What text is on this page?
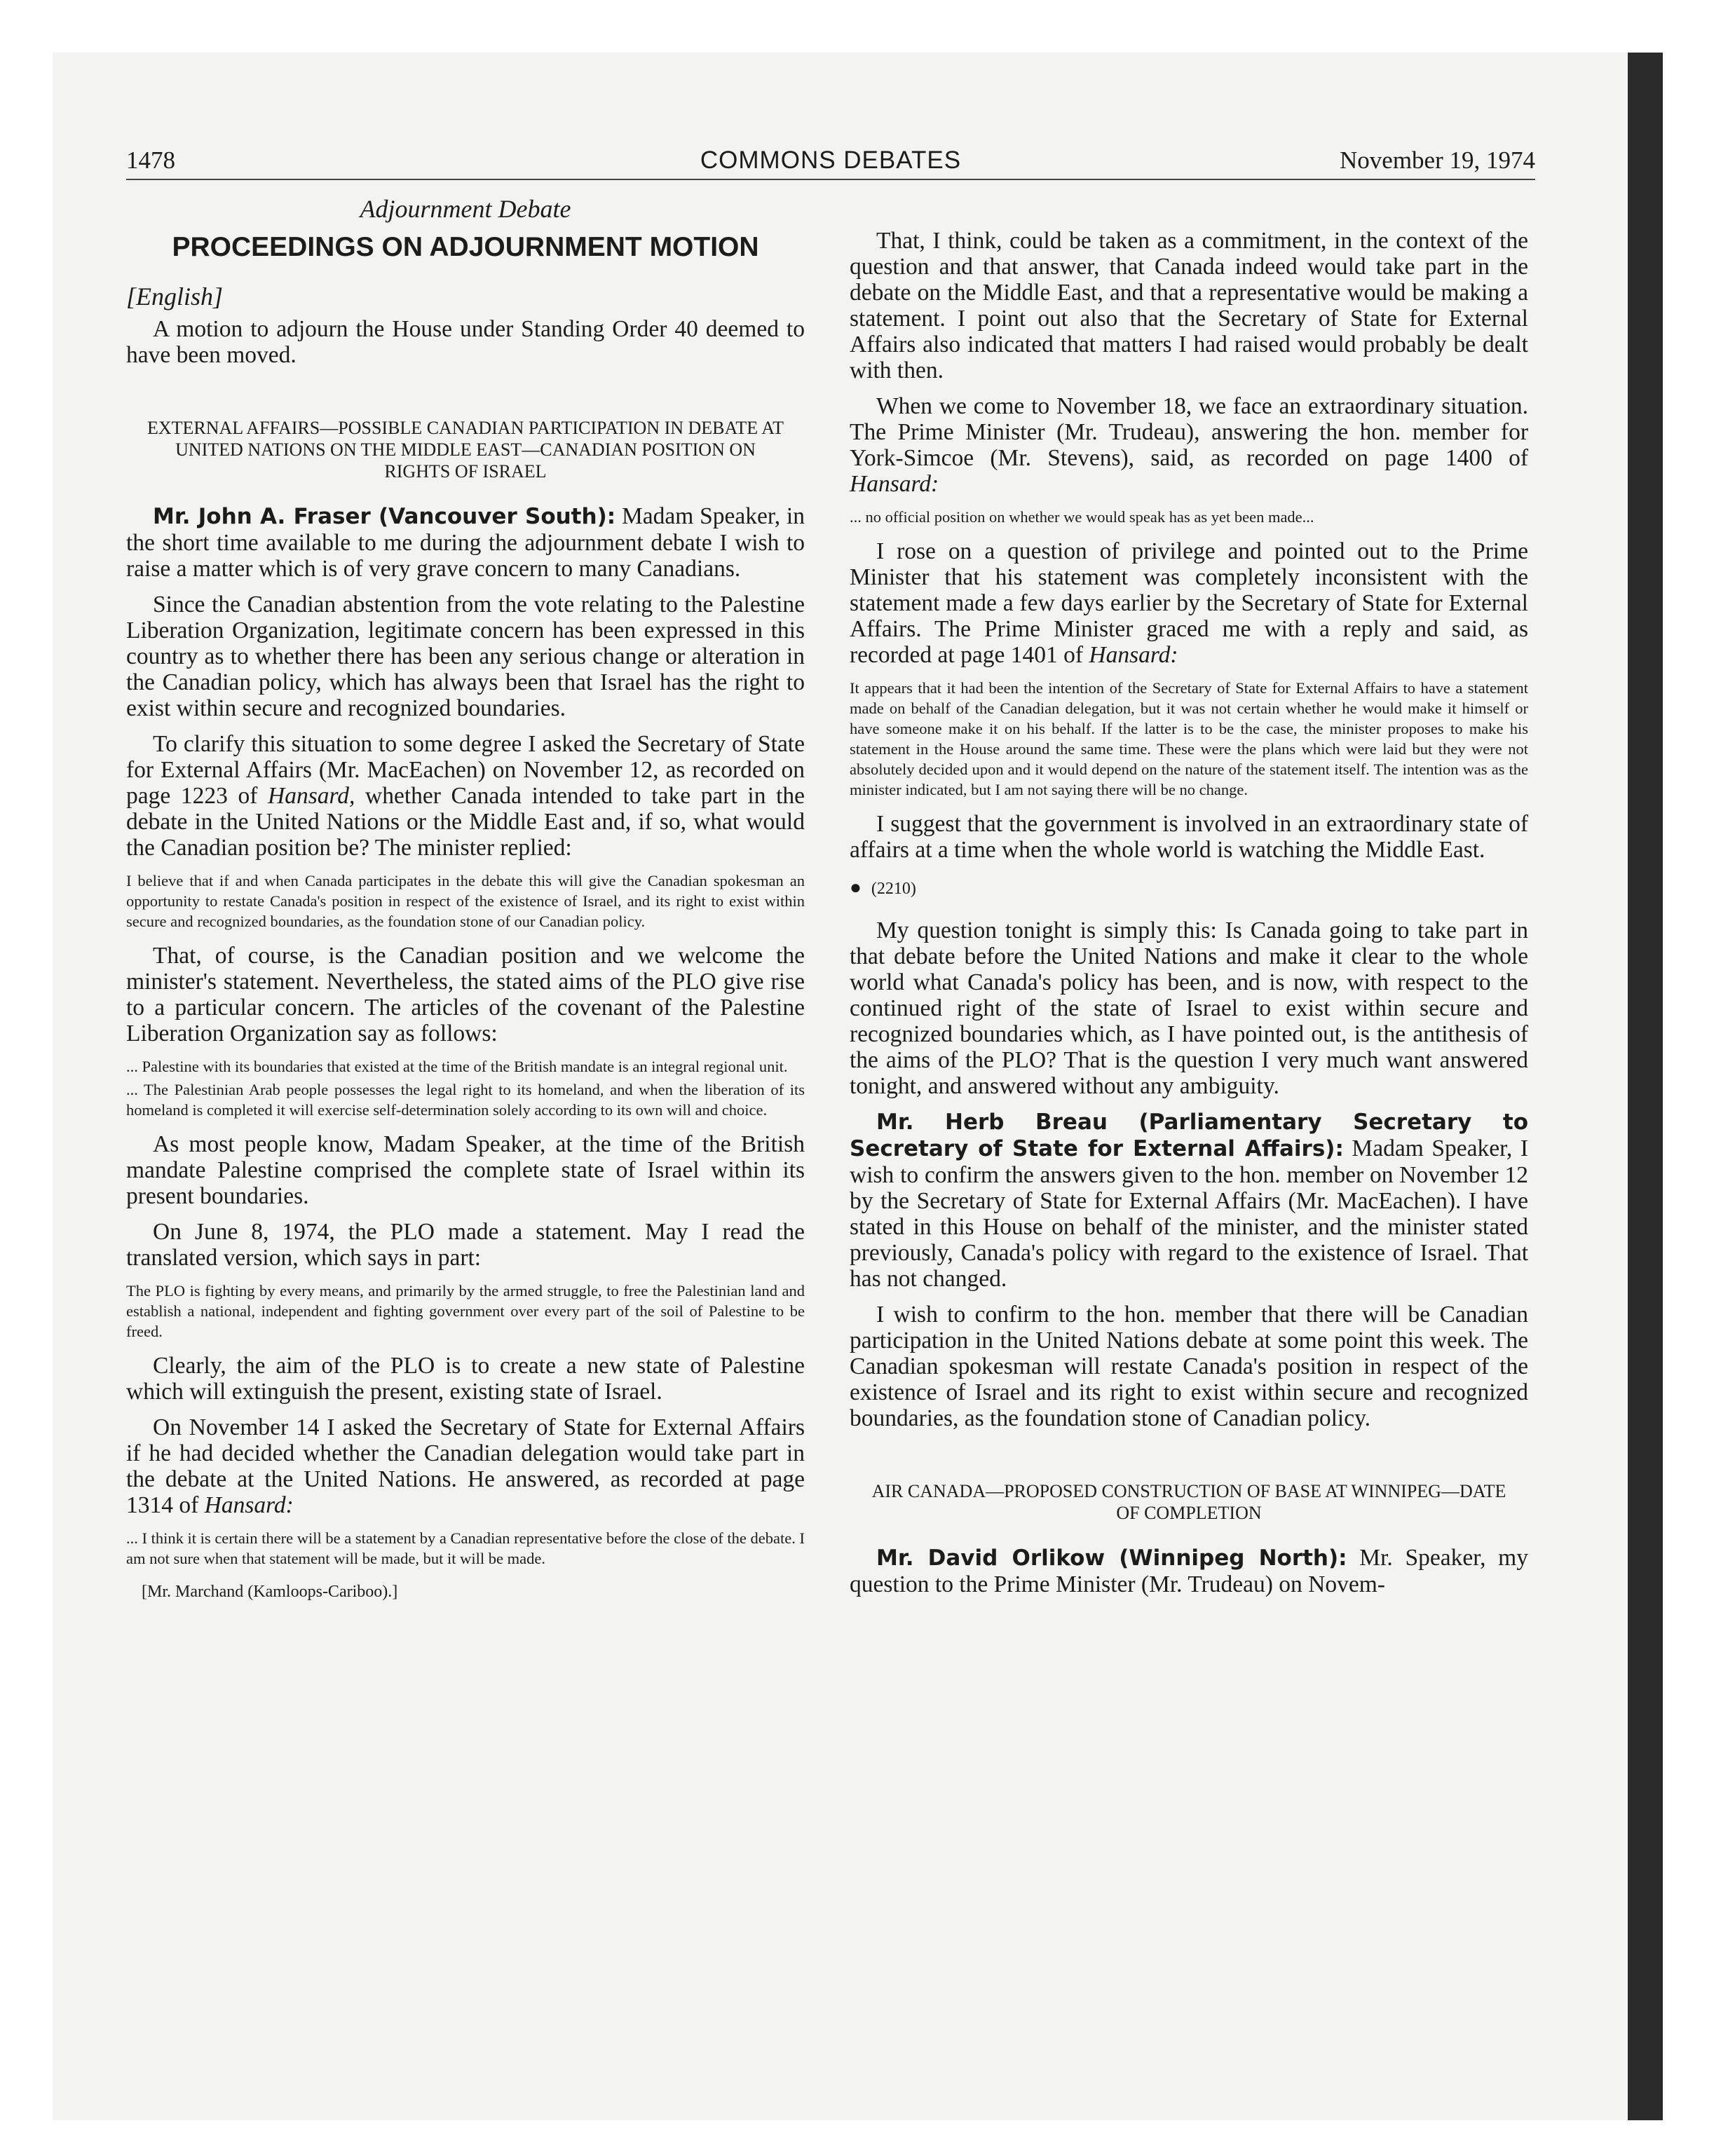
1478	COMMONS DEBATES	November 19, 1974
Adjournment Debate
PROCEEDINGS ON ADJOURNMENT MOTION
[English]

A motion to adjourn the House under Standing Order 40 deemed to have been moved.

EXTERNAL AFFAIRS—POSSIBLE CANADIAN PARTICIPATION IN DEBATE AT UNITED NATIONS ON THE MIDDLE EAST—CANADIAN POSITION ON RIGHTS OF ISRAEL

Mr. John A. Fraser (Vancouver South): Madam Speaker, in the short time available to me during the adjournment debate I wish to raise a matter which is of very grave concern to many Canadians.

Since the Canadian abstention from the vote relating to the Palestine Liberation Organization, legitimate concern has been expressed in this country as to whether there has been any serious change or alteration in the Canadian policy, which has always been that Israel has the right to exist within secure and recognized boundaries.

To clarify this situation to some degree I asked the Secretary of State for External Affairs (Mr. MacEachen) on November 12, as recorded on page 1223 of Hansard, whether Canada intended to take part in the debate in the United Nations or the Middle East and, if so, what would the Canadian position be? The minister replied:

I believe that if and when Canada participates in the debate this will give the Canadian spokesman an opportunity to restate Canada's position in respect of the existence of Israel, and its right to exist within secure and recognized boundaries, as the foundation stone of our Canadian policy.

That, of course, is the Canadian position and we welcome the minister's statement. Nevertheless, the stated aims of the PLO give rise to a particular concern. The articles of the covenant of the Palestine Liberation Organization say as follows:

... Palestine with its boundaries that existed at the time of the British mandate is an integral regional unit.
... The Palestinian Arab people possesses the legal right to its homeland, and when the liberation of its homeland is completed it will exercise self-determination solely according to its own will and choice.

As most people know, Madam Speaker, at the time of the British mandate Palestine comprised the complete state of Israel within its present boundaries.

On June 8, 1974, the PLO made a statement. May I read the translated version, which says in part:

The PLO is fighting by every means, and primarily by the armed struggle, to free the Palestinian land and establish a national, independent and fighting government over every part of the soil of Palestine to be freed.

Clearly, the aim of the PLO is to create a new state of Palestine which will extinguish the present, existing state of Israel.

On November 14 I asked the Secretary of State for External Affairs if he had decided whether the Canadian delegation would take part in the debate at the United Nations. He answered, as recorded at page 1314 of Hansard:

... I think it is certain there will be a statement by a Canadian representative before the close of the debate. I am not sure when that statement will be made, but it will be made.
[Mr. Marchand (Kamloops-Cariboo).]

That, I think, could be taken as a commitment, in the context of the question and that answer, that Canada indeed would take part in the debate on the Middle East, and that a representative would be making a statement. I point out also that the Secretary of State for External Affairs also indicated that matters I had raised would probably be dealt with then.

When we come to November 18, we face an extraordinary situation. The Prime Minister (Mr. Trudeau), answering the hon. member for York-Simcoe (Mr. Stevens), said, as recorded on page 1400 of Hansard:

... no official position on whether we would speak has as yet been made...

I rose on a question of privilege and pointed out to the Prime Minister that his statement was completely inconsistent with the statement made a few days earlier by the Secretary of State for External Affairs. The Prime Minister graced me with a reply and said, as recorded at page 1401 of Hansard:

It appears that it had been the intention of the Secretary of State for External Affairs to have a statement made on behalf of the Canadian delegation, but it was not certain whether he would make it himself or have someone make it on his behalf. If the latter is to be the case, the minister proposes to make his statement in the House around the same time. These were the plans which were laid but they were not absolutely decided upon and it would depend on the nature of the statement itself. The intention was as the minister indicated, but I am not saying there will be no change.

I suggest that the government is involved in an extraordinary state of affairs at a time when the whole world is watching the Middle East.

● (2210)

My question tonight is simply this: Is Canada going to take part in that debate before the United Nations and make it clear to the whole world what Canada's policy has been, and is now, with respect to the continued right of the state of Israel to exist within secure and recognized boundaries which, as I have pointed out, is the antithesis of the aims of the PLO? That is the question I very much want answered tonight, and answered without any ambiguity.

Mr. Herb Breau (Parliamentary Secretary to Secretary of State for External Affairs): Madam Speaker, I wish to confirm the answers given to the hon. member on November 12 by the Secretary of State for External Affairs (Mr. MacEachen). I have stated in this House on behalf of the minister, and the minister stated previously, Canada's policy with regard to the existence of Israel. That has not changed.

I wish to confirm to the hon. member that there will be Canadian participation in the United Nations debate at some point this week. The Canadian spokesman will restate Canada's position in respect of the existence of Israel and its right to exist within secure and recognized boundaries, as the foundation stone of Canadian policy.

AIR CANADA—PROPOSED CONSTRUCTION OF BASE AT WINNIPEG—DATE OF COMPLETION

Mr. David Orlikow (Winnipeg North): Mr. Speaker, my question to the Prime Minister (Mr. Trudeau) on Novem-
